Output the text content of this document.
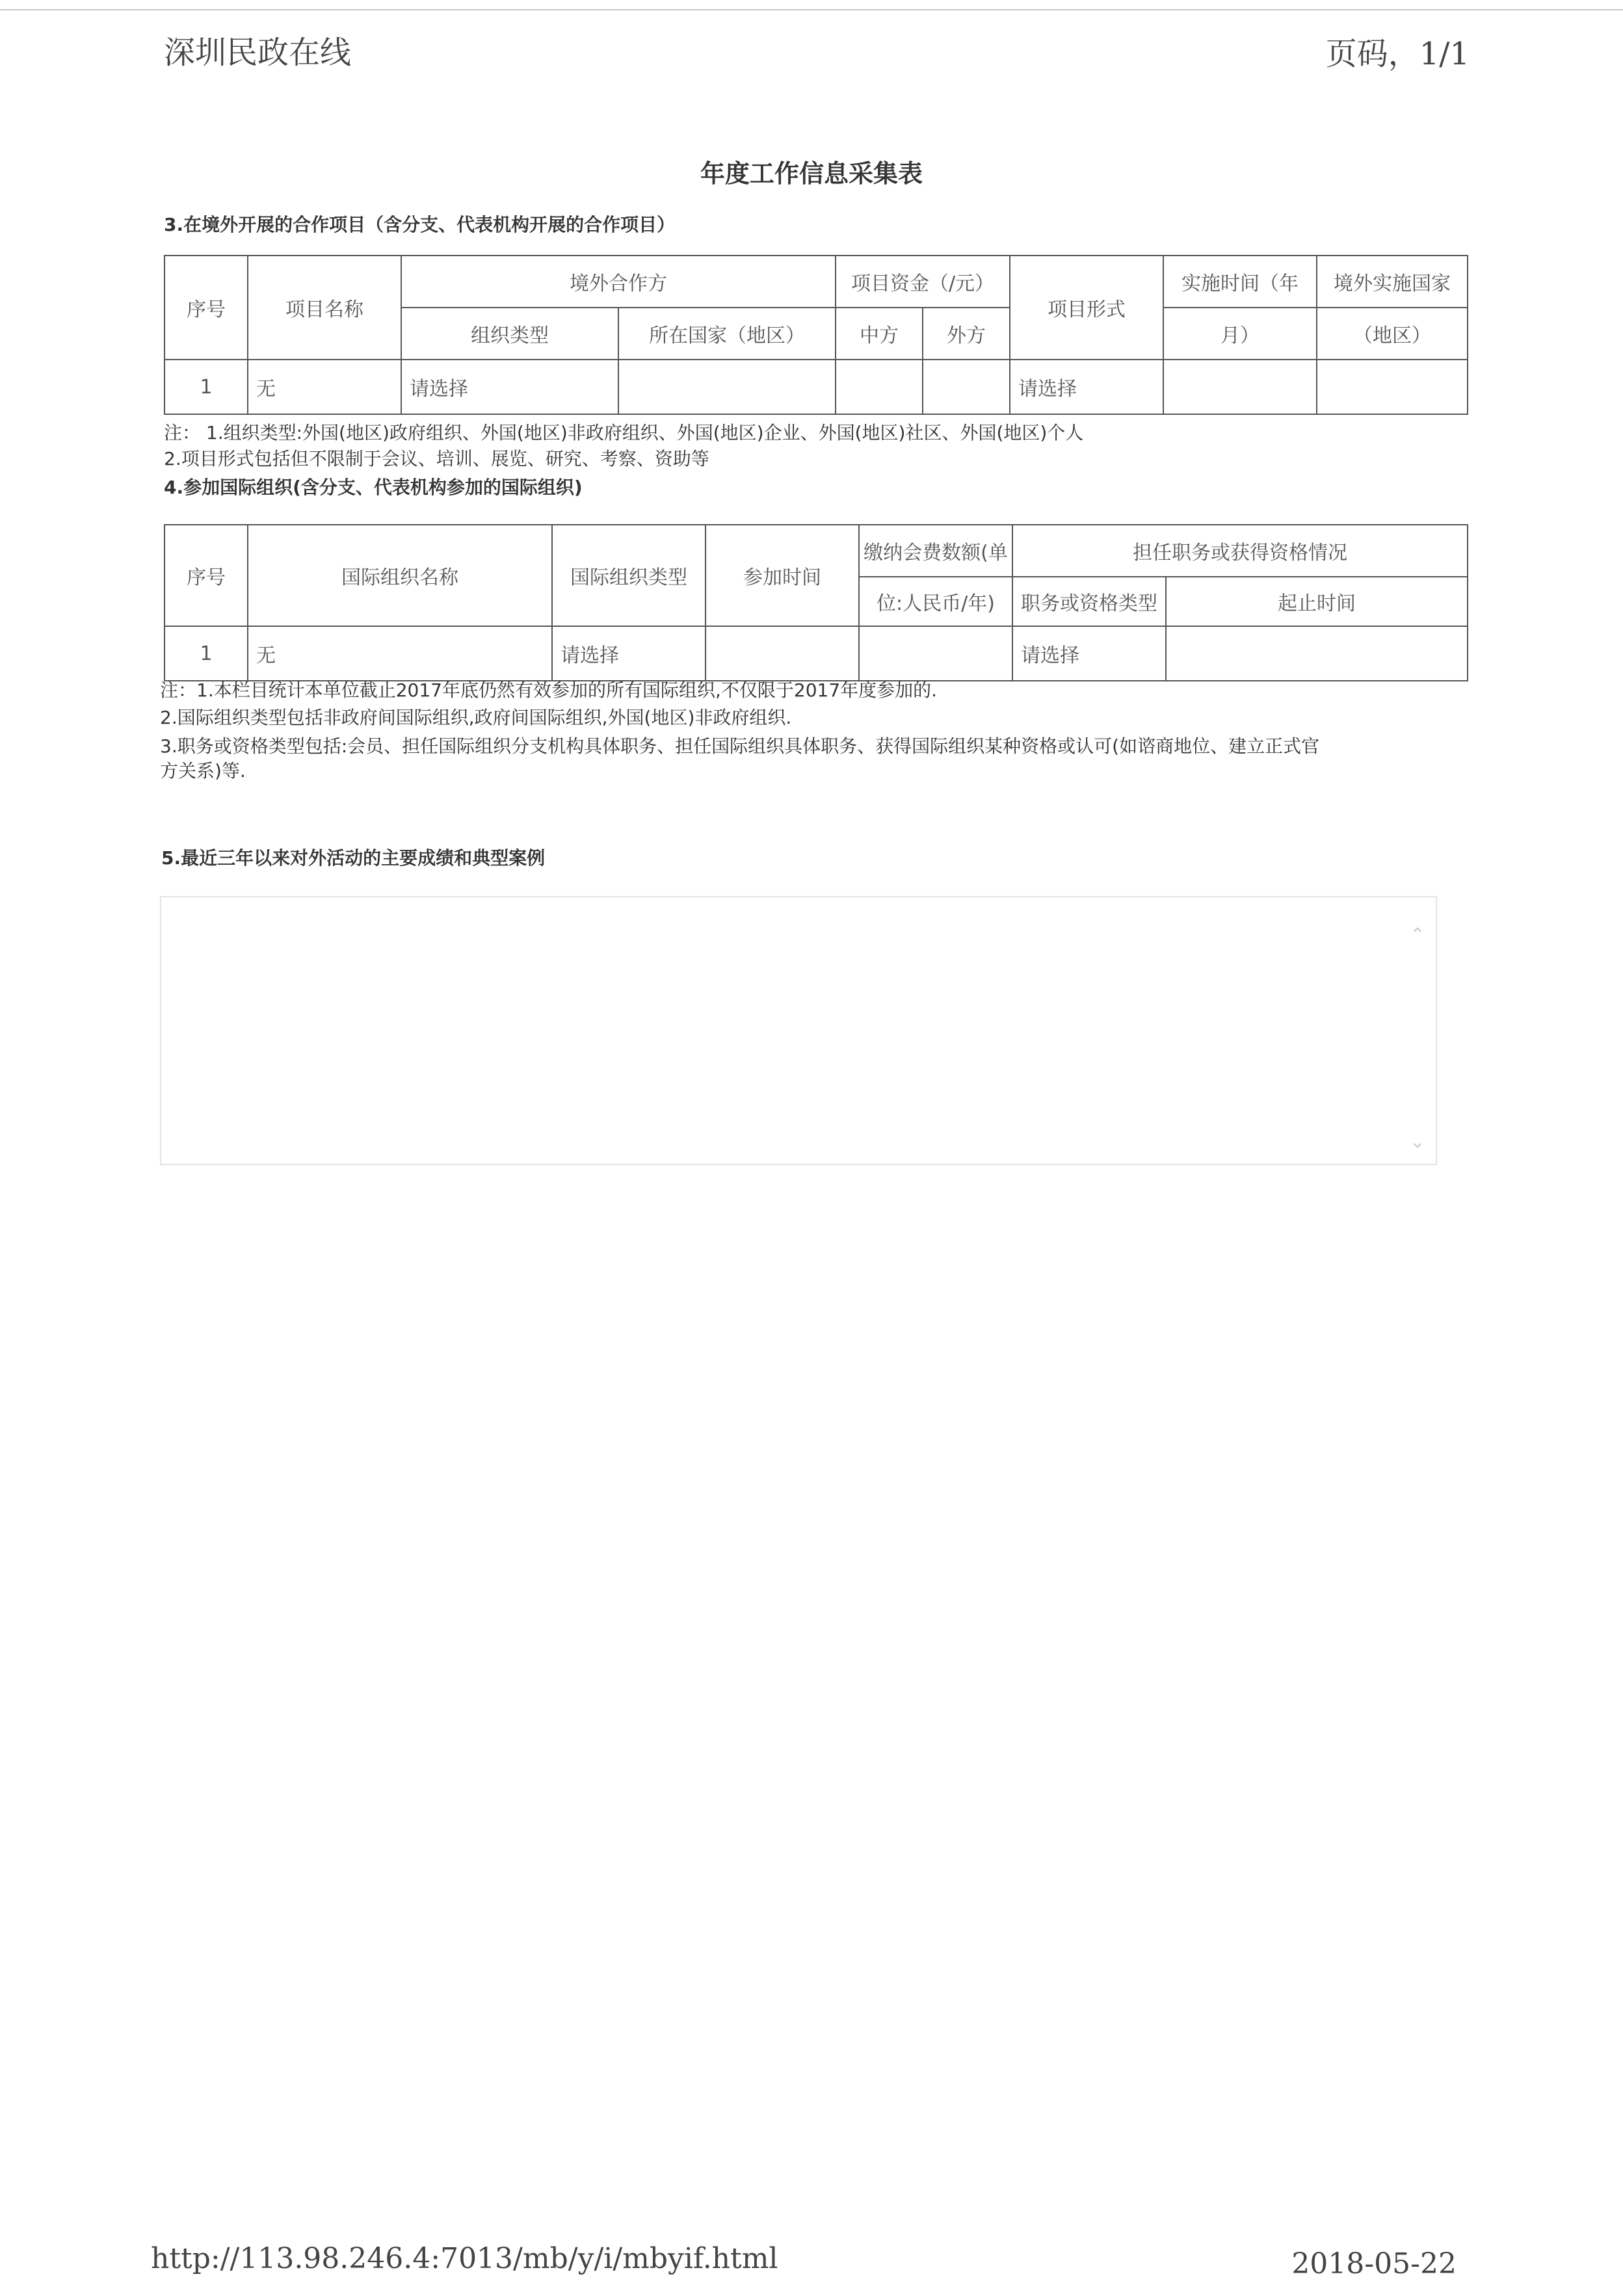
深圳民政在线	页码，1/1
年度工作信息采集表
3.在境外开展的合作项目（含分支、代表机构开展的合作项目）
序号	项目名称	境外合作方		项目资金（/元）		项目形式	实施时间（年	境外实施国家
		组织类型	所在国家（地区）	中方	外方		月）	（地区）
1	无	请选择				请选择		
注： 1.组织类型:外国(地区)政府组织、外国(地区)非政府组织、外国(地区)企业、外国(地区)社区、外国(地区)个人
2.项目形式包括但不限制于会议、培训、展览、研究、考察、资助等
4.参加国际组织(含分支、代表机构参加的国际组织)
序号	国际组织名称	国际组织类型	参加时间	缴纳会费数额(单	担任职务或获得资格情况	
				位:人民币/年)	职务或资格类型	起止时间
1	无	请选择			请选择	
注：1.本栏目统计本单位截止2017年底仍然有效参加的所有国际组织,不仅限于2017年度参加的.
2.国际组织类型包括非政府间国际组织,政府间国际组织,外国(地区)非政府组织.
3.职务或资格类型包括:会员、担任国际组织分支机构具体职务、担任国际组织具体职务、获得国际组织某种资格或认可(如谘商地位、建立正式官
方关系)等.
5.最近三年以来对外活动的主要成绩和典型案例
⌃
⌄
http://113.98.246.4:7013/mb/y/i/mbyif.html	2018-05-22
